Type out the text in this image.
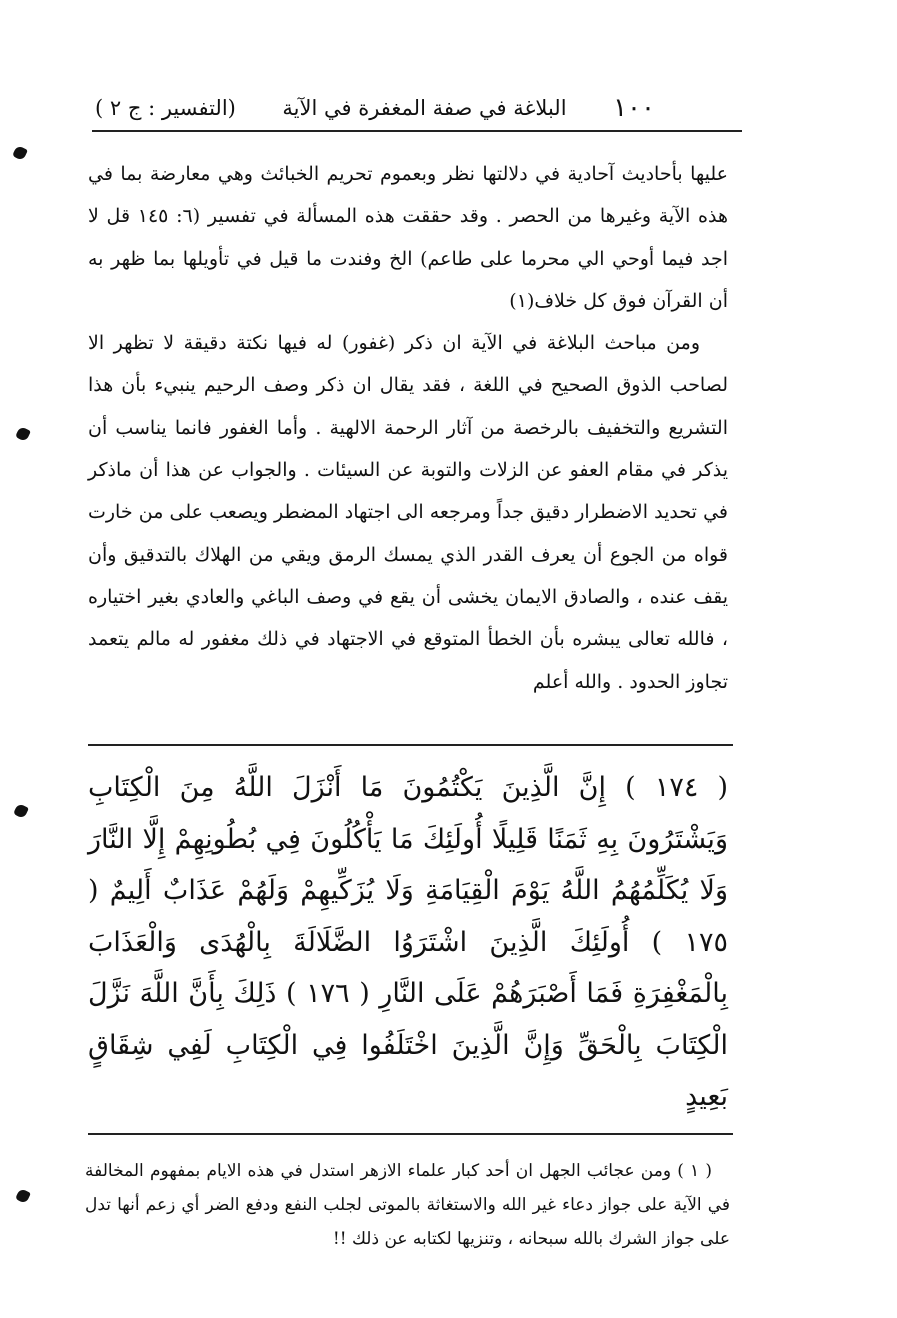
١٠٠
البلاغة في صفة المغفرة في الآية
(التفسير : ج ٢ )

عليها بأحاديث آحادية في دلالتها نظر وبعموم تحريم الخبائث وهي معارضة بما في هذه الآية وغيرها من الحصر . وقد حققت هذه المسألة في تفسير (٦: ١٤٥ قل لا اجد فيما أوحي الي محرما على طاعم) الخ وفندت ما قيل في تأويلها بما ظهر به أن القرآن فوق كل خلاف(١)

ومن مباحث البلاغة في الآية ان ذكر (غفور) له فيها نكتة دقيقة لا تظهر الا لصاحب الذوق الصحيح في اللغة ، فقد يقال ان ذكر وصف الرحيم ينبيء بأن هذا التشريع والتخفيف بالرخصة من آثار الرحمة الالهية . وأما الغفور فانما يناسب أن يذكر في مقام العفو عن الزلات والتوبة عن السيئات . والجواب عن هذا أن ماذكر في تحديد الاضطرار دقيق جداً ومرجعه الى اجتهاد المضطر ويصعب على من خارت قواه من الجوع أن يعرف القدر الذي يمسك الرمق ويقي من الهلاك بالتدقيق وأن يقف عنده ، والصادق الايمان يخشى أن يقع في وصف الباغي والعادي بغير اختياره ، فالله تعالى يبشره بأن الخطأ المتوقع في الاجتهاد في ذلك مغفور له مالم يتعمد تجاوز الحدود . والله أعلم

( ١٧٤ ) إِنَّ الَّذِينَ يَكْتُمُونَ مَا أَنْزَلَ اللَّهُ مِنَ الْكِتَابِ وَيَشْتَرُونَ بِهِ ثَمَنًا قَلِيلًا أُولَئِكَ مَا يَأْكُلُونَ فِي بُطُونِهِمْ إِلَّا النَّارَ وَلَا يُكَلِّمُهُمُ اللَّهُ يَوْمَ الْقِيَامَةِ وَلَا يُزَكِّيهِمْ وَلَهُمْ عَذَابٌ أَلِيمٌ ( ١٧٥ ) أُولَئِكَ الَّذِينَ اشْتَرَوُا الضَّلَالَةَ بِالْهُدَى وَالْعَذَابَ بِالْمَغْفِرَةِ فَمَا أَصْبَرَهُمْ عَلَى النَّارِ ( ١٧٦ ) ذَلِكَ بِأَنَّ اللَّهَ نَزَّلَ الْكِتَابَ بِالْحَقِّ وَإِنَّ الَّذِينَ اخْتَلَفُوا فِي الْكِتَابِ لَفِي شِقَاقٍ بَعِيدٍ

( ١ ) ومن عجائب الجهل ان أحد كبار علماء الازهر استدل في هذه الايام بمفهوم المخالفة في الآية على جواز دعاء غير الله والاستغاثة بالموتى لجلب النفع ودفع الضر أي زعم أنها تدل على جواز الشرك بالله سبحانه ، وتنزيها لكتابه عن ذلك !!
